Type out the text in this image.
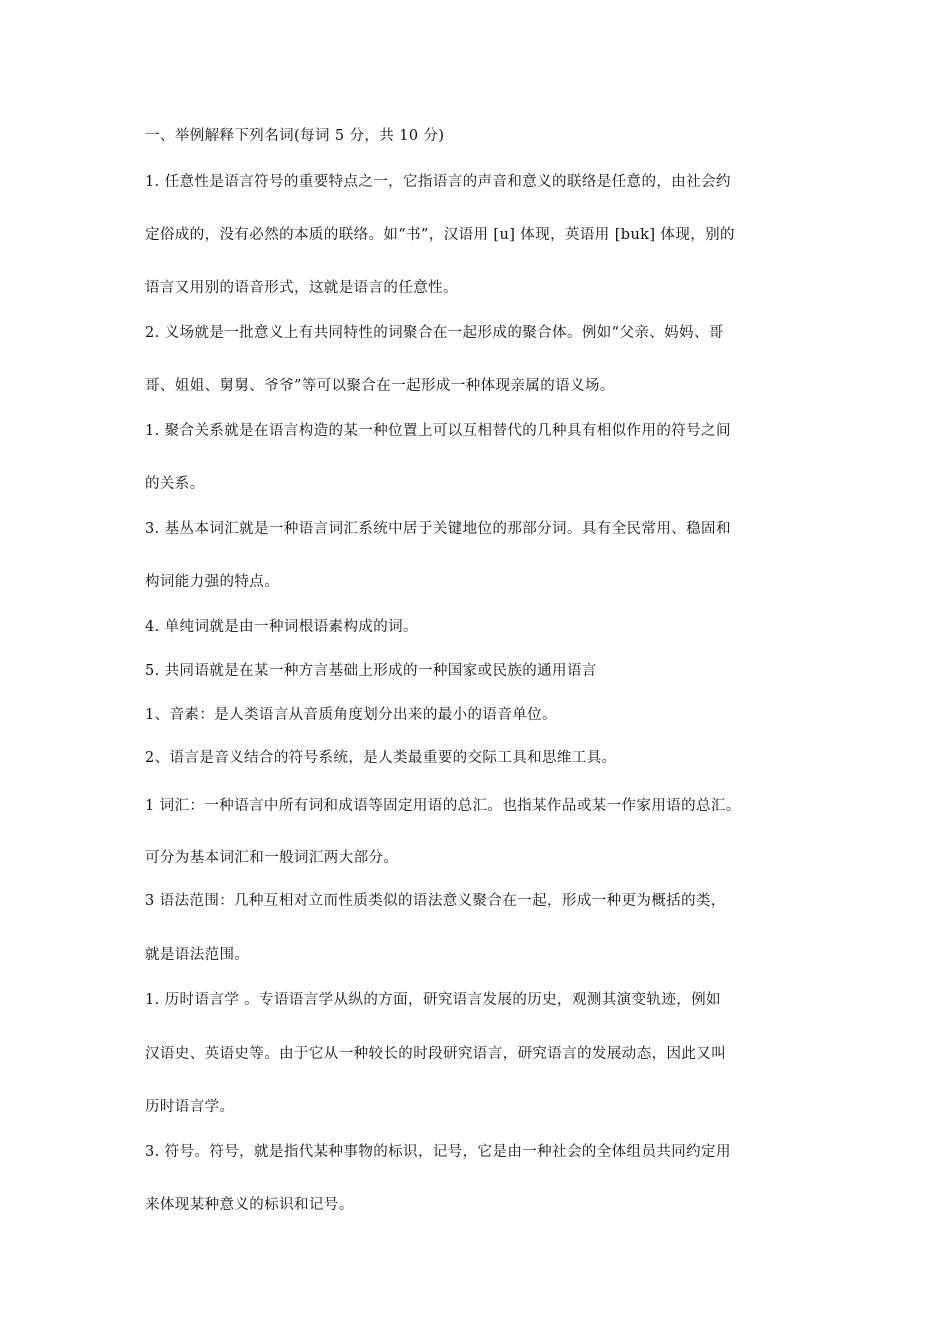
一、举例解释下列名词(每词 5 分，共 10 分)
1. 任意性是语言符号的重要特点之一，它指语言的声音和意义的联络是任意的，由社会约
定俗成的，没有必然的本质的联络。如“书”，汉语用 [u] 体现，英语用 [buk] 体现，别的
语言又用别的语音形式，这就是语言的任意性。
2. 义场就是一批意义上有共同特性的词聚合在一起形成的聚合体。例如“父亲、妈妈、哥
哥、姐姐、舅舅、爷爷”等可以聚合在一起形成一种体现亲属的语义场。
1. 聚合关系就是在语言构造的某一种位置上可以互相替代的几种具有相似作用的符号之间
的关系。
3. 基丛本词汇就是一种语言词汇系统中居于关键地位的那部分词。具有全民常用、稳固和
构词能力强的特点。
4. 单纯词就是由一种词根语素构成的词。
5. 共同语就是在某一种方言基础上形成的一种国家或民族的通用语言
1、音素：是人类语言从音质角度划分出来的最小的语音单位。
2、语言是音义结合的符号系统，是人类最重要的交际工具和思维工具。
1 词汇：一种语言中所有词和成语等固定用语的总汇。也指某作品或某一作家用语的总汇。
可分为基本词汇和一般词汇两大部分。
3 语法范围：几种互相对立而性质类似的语法意义聚合在一起，形成一种更为概括的类，
就是语法范围。
1. 历时语言学 。专语语言学从纵的方面，研究语言发展的历史，观测其演变轨迹，例如
汉语史、英语史等。由于它从一种较长的时段研究语言，研究语言的发展动态，因此又叫
历时语言学。
3. 符号。符号，就是指代某种事物的标识，记号，它是由一种社会的全体组员共同约定用
来体现某种意义的标识和记号。
